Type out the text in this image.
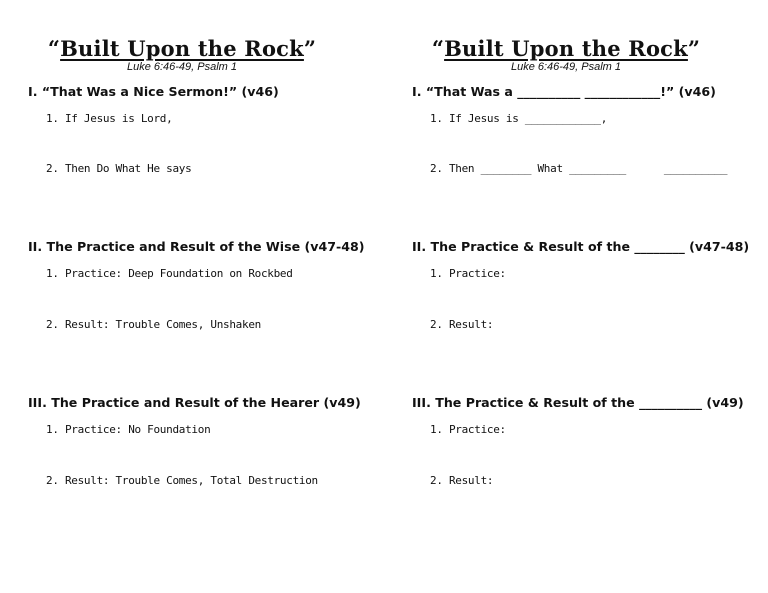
“Built Upon the Rock”
Luke 6:46-49, Psalm 1
I. “That Was a Nice Sermon!” (v46)
1. If Jesus is Lord,
2. Then Do What He says
II. The Practice and Result of the Wise (v47-48)
1. Practice: Deep Foundation on Rockbed
2. Result: Trouble Comes, Unshaken
III. The Practice and Result of the Hearer (v49)
1. Practice: No Foundation
2. Result: Trouble Comes, Total Destruction
“Built Upon the Rock”
Luke 6:46-49, Psalm 1
I. “That Was a __________ ____________!” (v46)
1. If Jesus is ____________,
2. Then ________ What _________      __________
II. The Practice & Result of the ________ (v47-48)
1. Practice:
2. Result:
III. The Practice & Result of the __________ (v49)
1. Practice:
2. Result:
